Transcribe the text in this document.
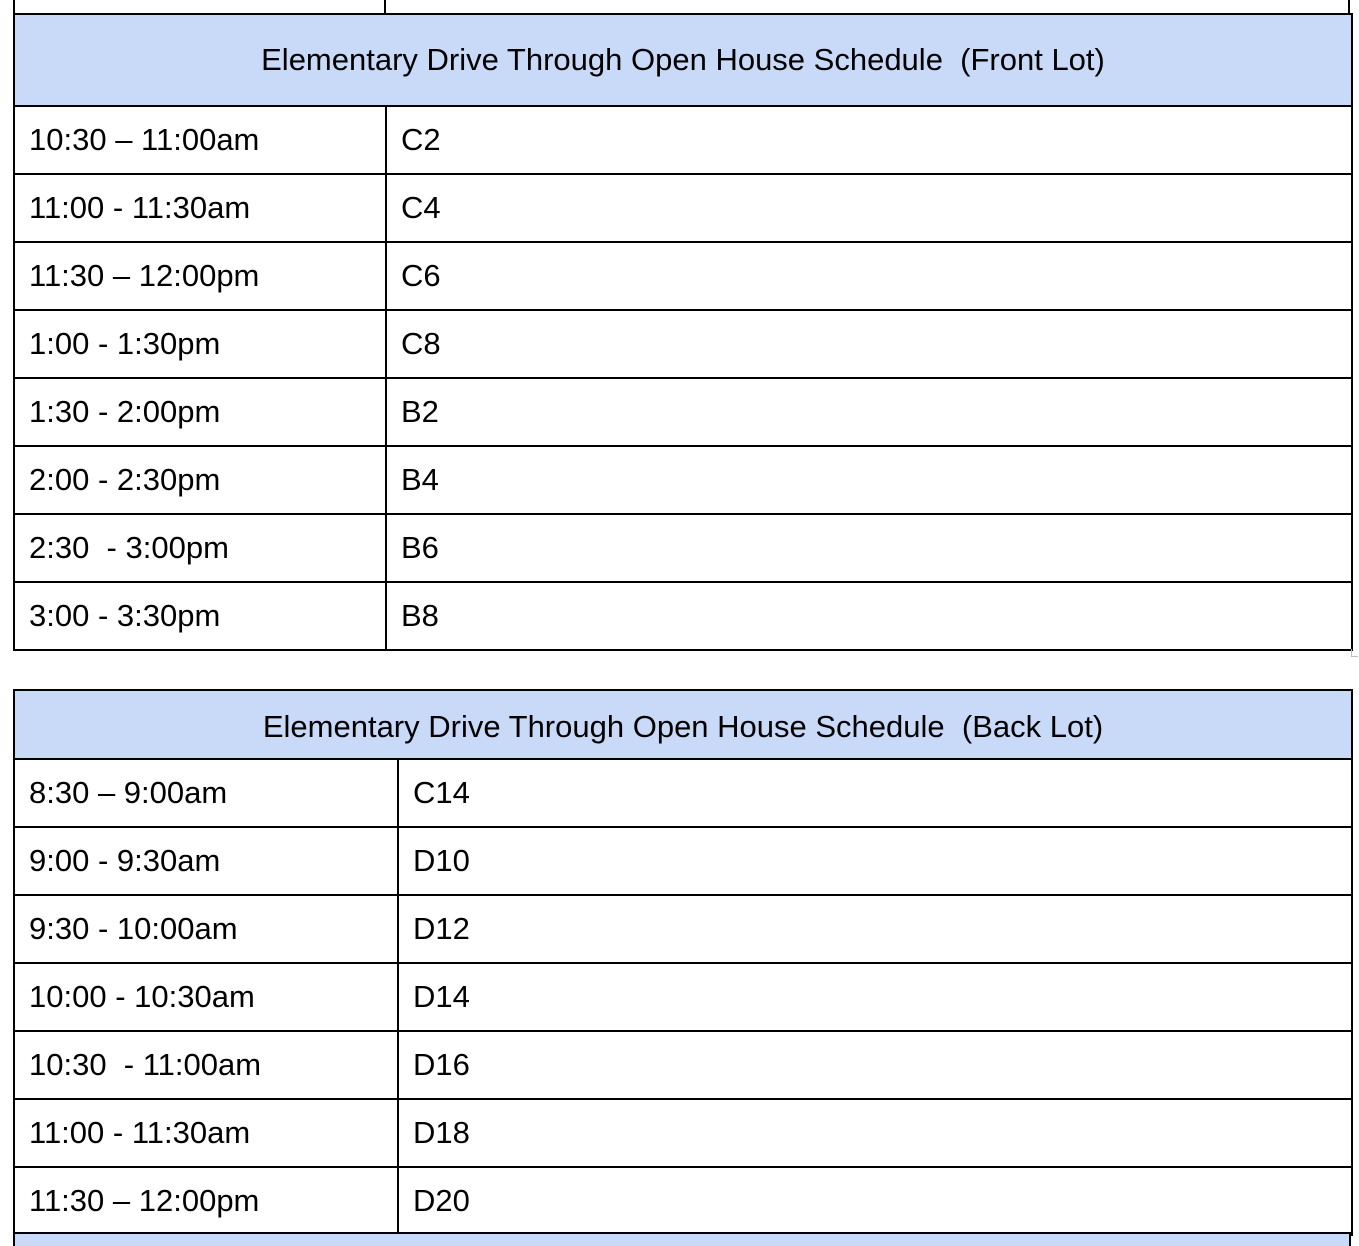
Elementary Drive Through Open House Schedule  (Front Lot)	
10:30 – 11:00am	C2
11:00 - 11:30am	C4
11:30 – 12:00pm	C6
1:00 - 1:30pm	C8
1:30 - 2:00pm	B2
2:00 - 2:30pm	B4
2:30  - 3:00pm	B6
3:00 - 3:30pm	B8
Elementary Drive Through Open House Schedule  (Back Lot)	
8:30 – 9:00am	C14
9:00 - 9:30am	D10
9:30 - 10:00am	D12
10:00 - 10:30am	D14
10:30  - 11:00am	D16
11:00 - 11:30am	D18
11:30 – 12:00pm	D20
